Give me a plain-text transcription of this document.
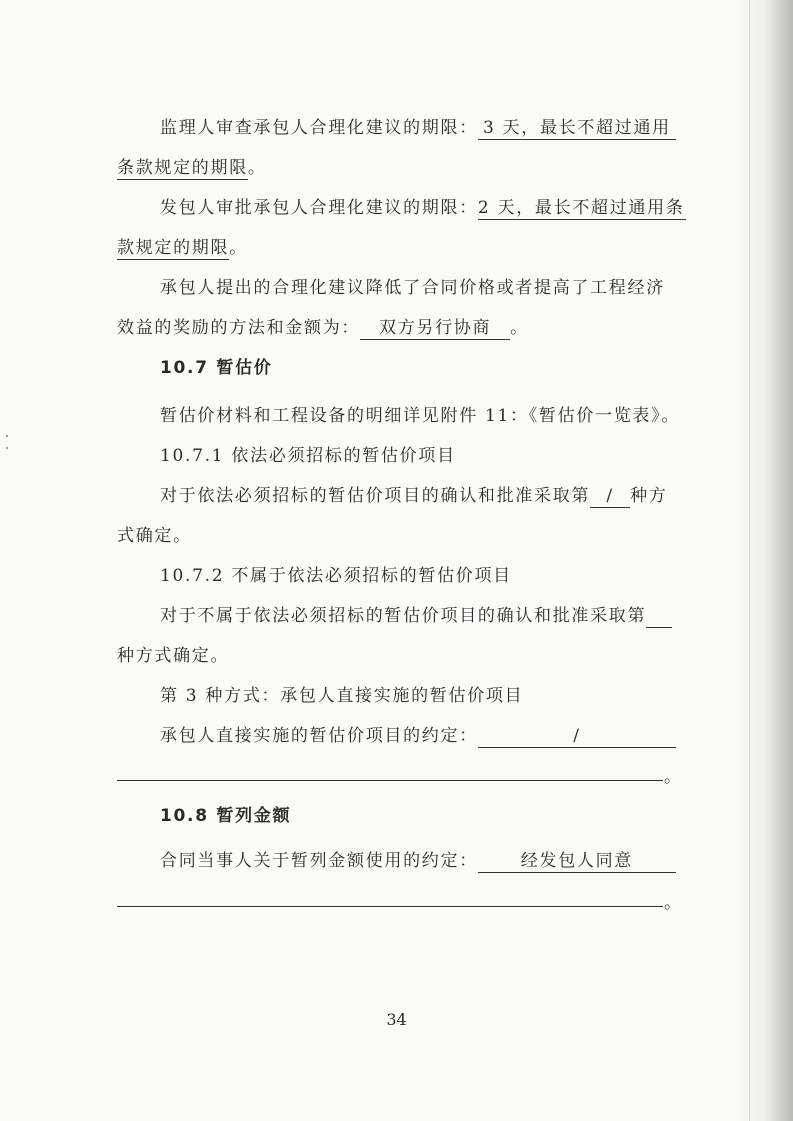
监理人审查承包人合理化建议的期限： 3 天，最长不超过通用
条款规定的期限。
发包人审批承包人合理化建议的期限：2 天，最长不超过通用条
款规定的期限。
承包人提出的合理化建议降低了合同价格或者提高了工程经济
效益的奖励的方法和金额为： 双方另行协商 。
10.7 暂估价
暂估价材料和工程设备的明细详见附件 11：《暂估价一览表》。
10.7.1 依法必须招标的暂估价项目
对于依法必须招标的暂估价项目的确认和批准采取第 / 种方
式确定。
10.7.2 不属于依法必须招标的暂估价项目
对于不属于依法必须招标的暂估价项目的确认和批准采取第
种方式确定。
第 3 种方式：承包人直接实施的暂估价项目
承包人直接实施的暂估价项目的约定：	/
。
10.8 暂列金额
合同当事人关于暂列金额使用的约定：	经发包人同意
。
34
